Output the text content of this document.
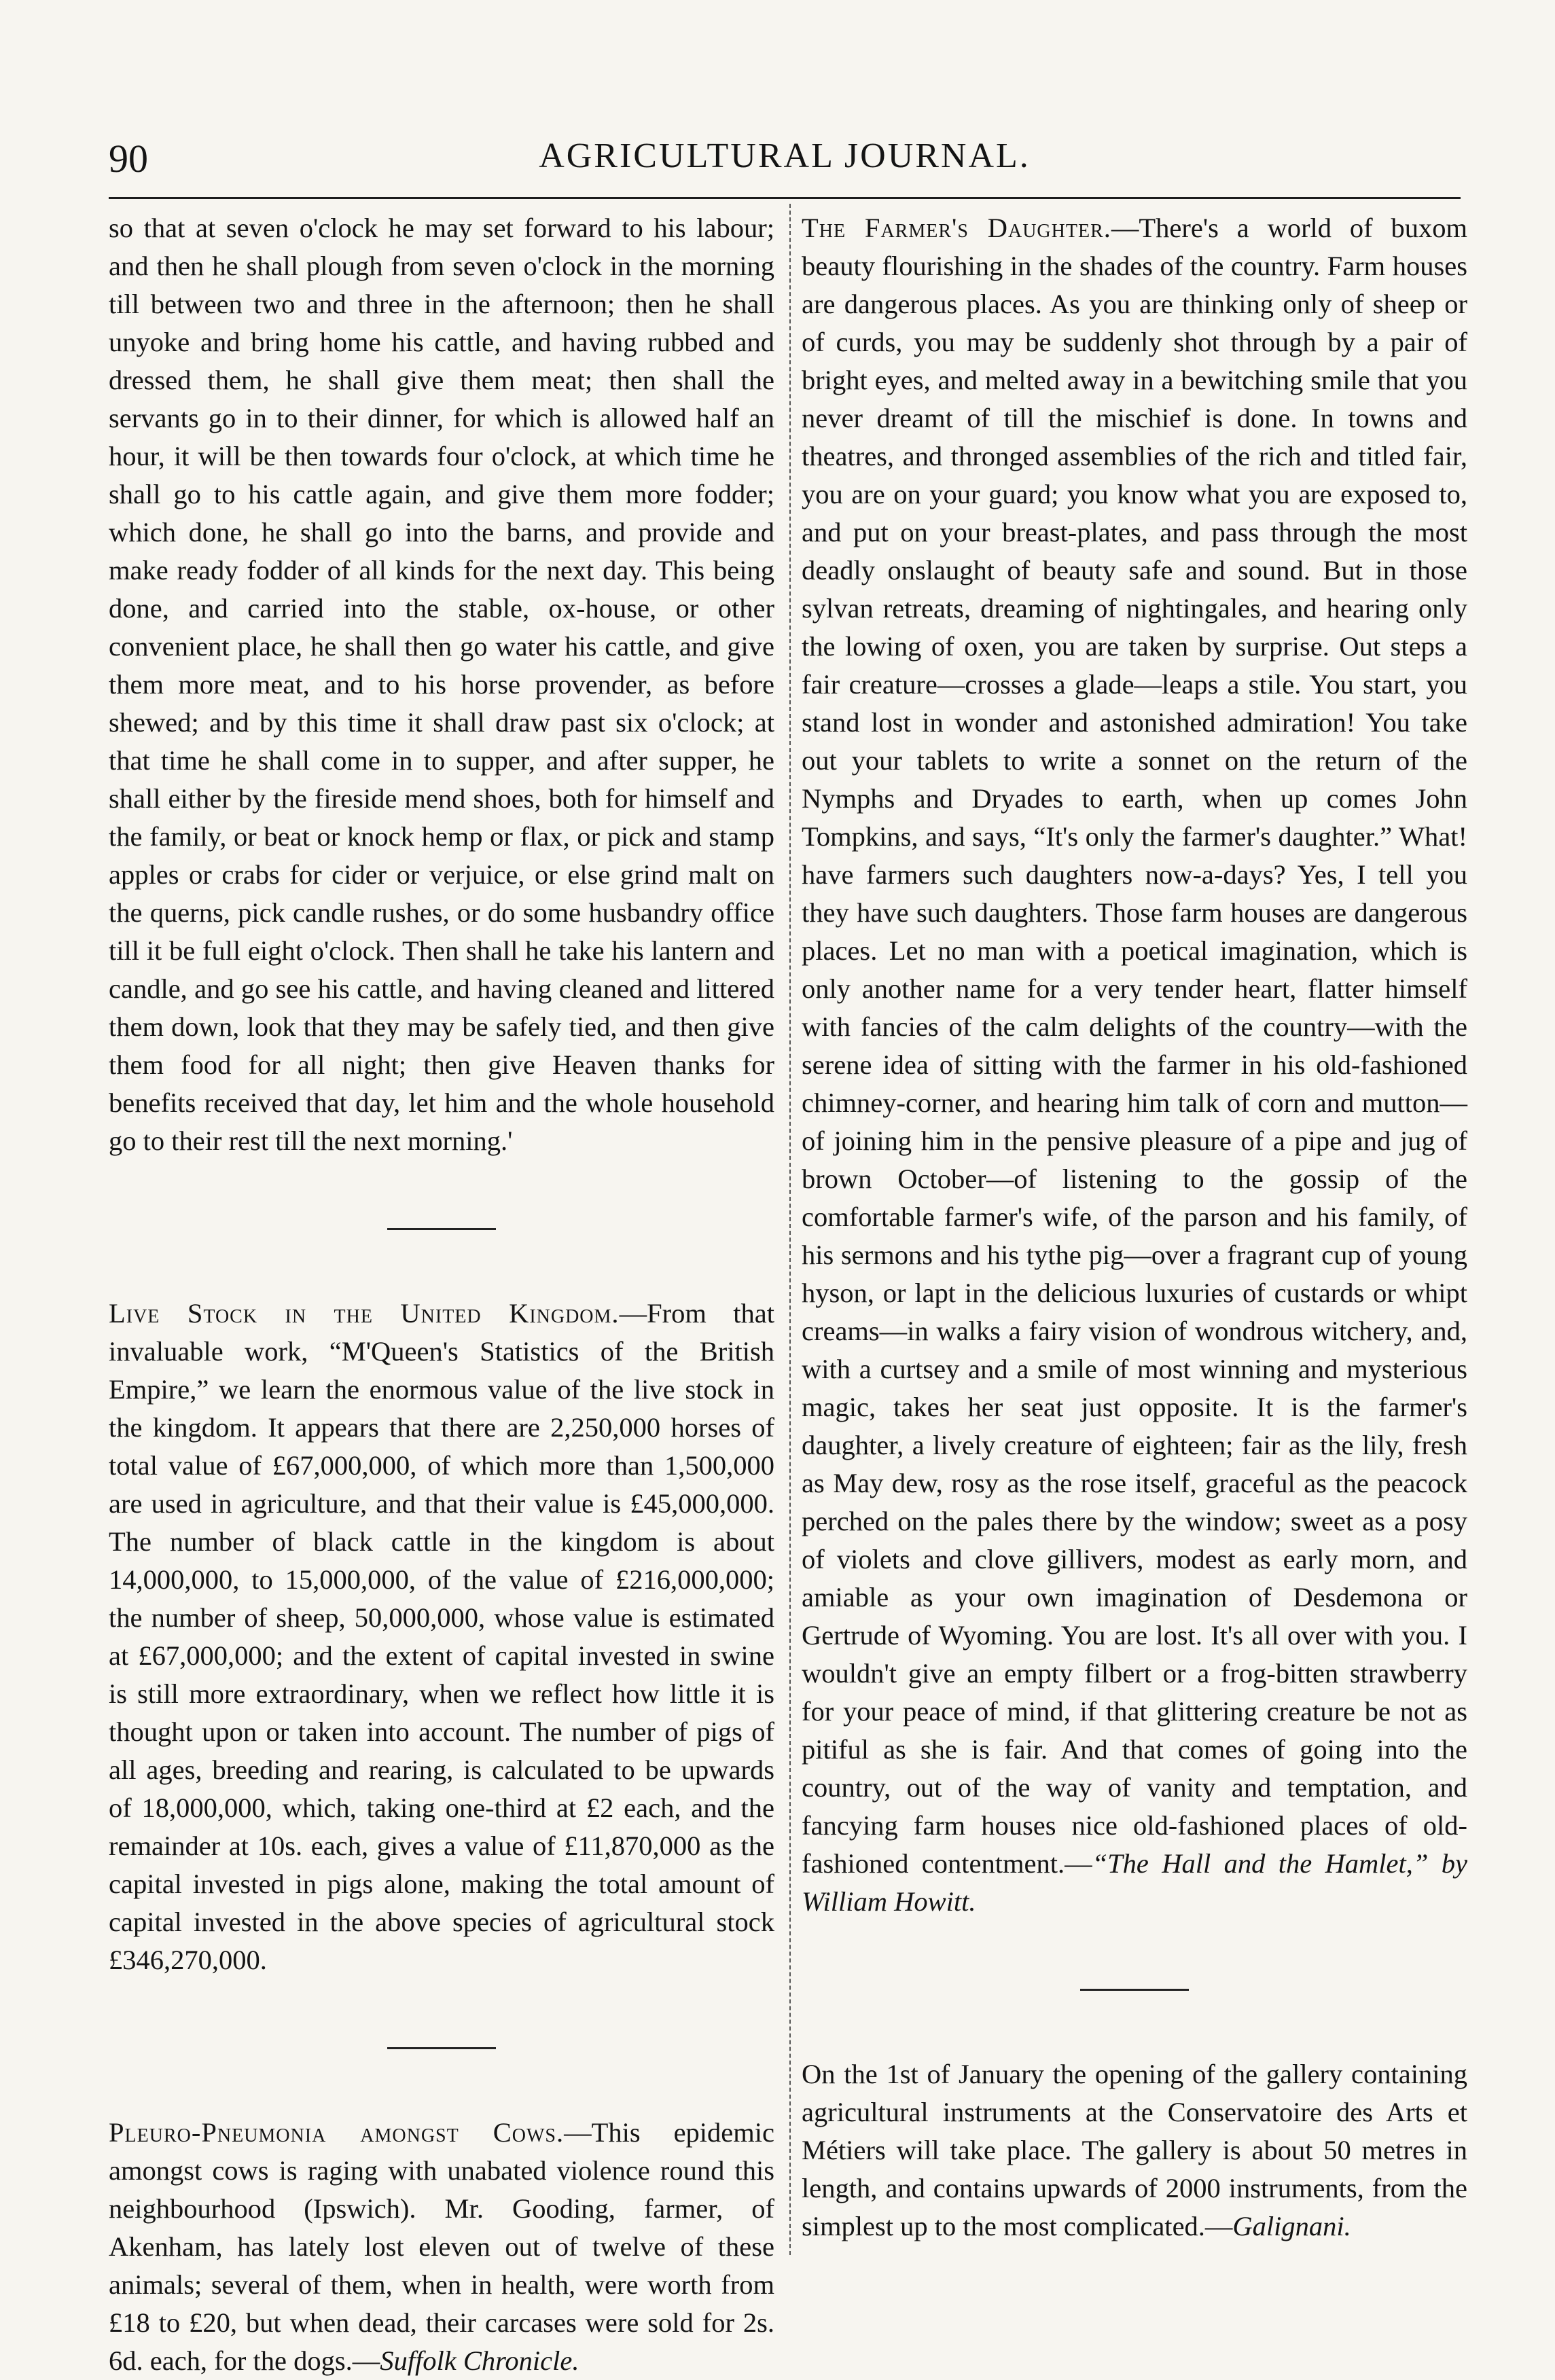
90	AGRICULTURAL JOURNAL.

so that at seven o'clock he may set forward to his labour; and then he shall plough from seven o'clock in the morning till between two and three in the afternoon; then he shall unyoke and bring home his cattle, and having rubbed and dressed them, he shall give them meat; then shall the servants go in to their dinner, for which is allowed half an hour, it will be then towards four o'clock, at which time he shall go to his cattle again, and give them more fodder; which done, he shall go into the barns, and provide and make ready fodder of all kinds for the next day. This being done, and carried into the stable, ox-house, or other convenient place, he shall then go water his cattle, and give them more meat, and to his horse provender, as before shewed; and by this time it shall draw past six o'clock; at that time he shall come in to supper, and after supper, he shall either by the fireside mend shoes, both for himself and the family, or beat or knock hemp or flax, or pick and stamp apples or crabs for cider or verjuice, or else grind malt on the querns, pick candle rushes, or do some husbandry office till it be full eight o'clock. Then shall he take his lantern and candle, and go see his cattle, and having cleaned and littered them down, look that they may be safely tied, and then give them food for all night; then give Heaven thanks for benefits received that day, let him and the whole household go to their rest till the next morning.'

Live Stock in the United Kingdom.—From that invaluable work, “M'Queen's Statistics of the British Empire,” we learn the enormous value of the live stock in the kingdom. It appears that there are 2,250,000 horses of total value of £67,000,000, of which more than 1,500,000 are used in agriculture, and that their value is £45,000,000. The number of black cattle in the kingdom is about 14,000,000, to 15,000,000, of the value of £216,000,000; the number of sheep, 50,000,000, whose value is estimated at £67,000,000; and the extent of capital invested in swine is still more extraordinary, when we reflect how little it is thought upon or taken into account. The number of pigs of all ages, breeding and rearing, is calculated to be upwards of 18,000,000, which, taking one-third at £2 each, and the remainder at 10s. each, gives a value of £11,870,000 as the capital invested in pigs alone, making the total amount of capital invested in the above species of agricultural stock £346,270,000.

Pleuro-Pneumonia amongst Cows.—This epidemic amongst cows is raging with unabated violence round this neighbourhood (Ipswich). Mr. Gooding, farmer, of Akenham, has lately lost eleven out of twelve of these animals; several of them, when in health, were worth from £18 to £20, but when dead, their carcases were sold for 2s. 6d. each, for the dogs.—Suffolk Chronicle.

The Farmer's Daughter.—There's a world of buxom beauty flourishing in the shades of the country. Farm houses are dangerous places. As you are thinking only of sheep or of curds, you may be suddenly shot through by a pair of bright eyes, and melted away in a bewitching smile that you never dreamt of till the mischief is done. In towns and theatres, and thronged assemblies of the rich and titled fair, you are on your guard; you know what you are exposed to, and put on your breast-plates, and pass through the most deadly onslaught of beauty safe and sound. But in those sylvan retreats, dreaming of nightingales, and hearing only the lowing of oxen, you are taken by surprise. Out steps a fair creature—crosses a glade—leaps a stile. You start, you stand lost in wonder and astonished admiration! You take out your tablets to write a sonnet on the return of the Nymphs and Dryades to earth, when up comes John Tompkins, and says, “It's only the farmer's daughter.” What! have farmers such daughters now-a-days? Yes, I tell you they have such daughters. Those farm houses are dangerous places. Let no man with a poetical imagination, which is only another name for a very tender heart, flatter himself with fancies of the calm delights of the country—with the serene idea of sitting with the farmer in his old-fashioned chimney-corner, and hearing him talk of corn and mutton—of joining him in the pensive pleasure of a pipe and jug of brown October—of listening to the gossip of the comfortable farmer's wife, of the parson and his family, of his sermons and his tythe pig—over a fragrant cup of young hyson, or lapt in the delicious luxuries of custards or whipt creams—in walks a fairy vision of wondrous witchery, and, with a curtsey and a smile of most winning and mysterious magic, takes her seat just opposite. It is the farmer's daughter, a lively creature of eighteen; fair as the lily, fresh as May dew, rosy as the rose itself, graceful as the peacock perched on the pales there by the window; sweet as a posy of violets and clove gillivers, modest as early morn, and amiable as your own imagination of Desdemona or Gertrude of Wyoming. You are lost. It's all over with you. I wouldn't give an empty filbert or a frog-bitten strawberry for your peace of mind, if that glittering creature be not as pitiful as she is fair. And that comes of going into the country, out of the way of vanity and temptation, and fancying farm houses nice old-fashioned places of old-fashioned contentment.—“The Hall and the Hamlet,” by William Howitt.

On the 1st of January the opening of the gallery containing agricultural instruments at the Conservatoire des Arts et Métiers will take place. The gallery is about 50 metres in length, and contains upwards of 2000 instruments, from the simplest up to the most complicated.—Galignani.
